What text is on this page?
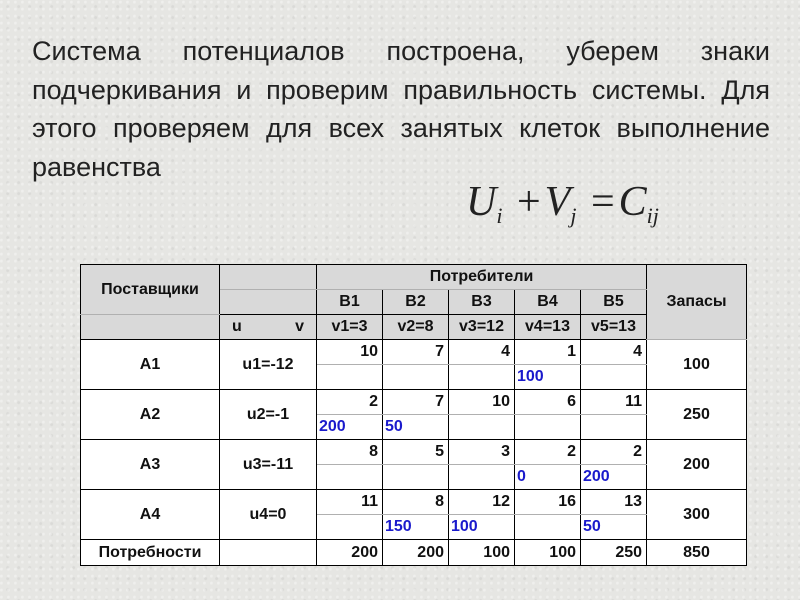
Система потенциалов построена, уберем знаки подчеркивания и проверим правильность системы. Для этого проверяем для всех занятых клеток выполнение равенства

$U_i +V_j =C_{ij}$
Поставщики		Потребители					Запасы
		B1	B2	B3	B4	B5	

	u v	v1=3	v2=8	v3=12	v4=13	v5=13	
A1	u1=-12	10	7	4	1	4	100
					100		
A2	u2=-1	2	7	10	6	11	250
		200	50				
A3	u3=-11	8	5	3	2	2	200
					0	200	
A4	u4=0	11	8	12	16	13	300
			150	100		50	
Потребности		200	200	100	100	250	850
